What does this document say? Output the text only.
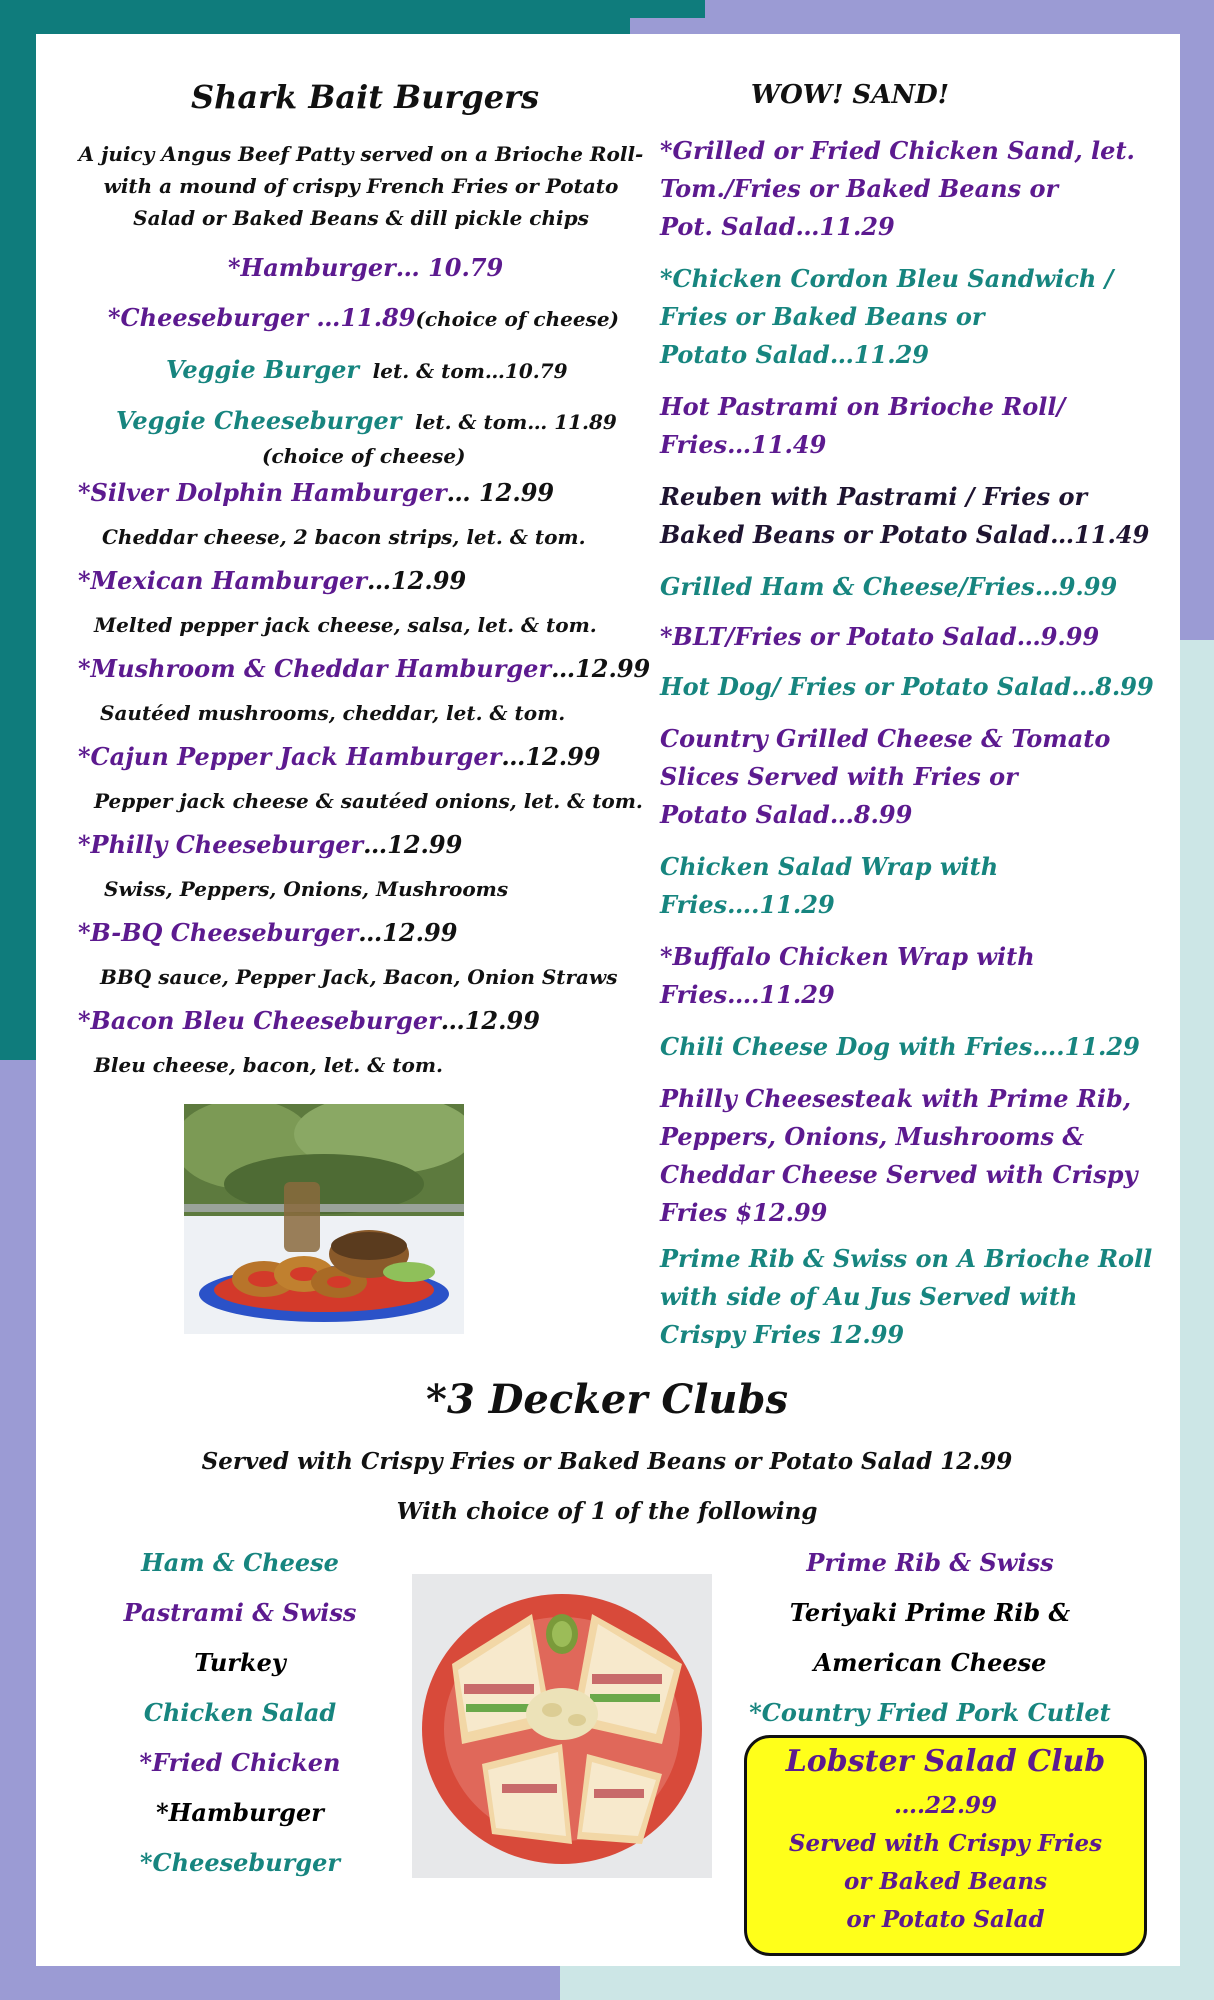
Shark Bait Burgers
A juicy Angus Beef Patty served on a Brioche Roll-
with a mound of crispy French Fries or Potato
Salad or Baked Beans & dill pickle chips
*Hamburger… 10.79
*Cheeseburger …11.89(choice of cheese)
Veggie Burger let. & tom…10.79
Veggie Cheeseburger let. & tom… 11.89
(choice of cheese)
*Silver Dolphin Hamburger… 12.99
Cheddar cheese, 2 bacon strips, let. & tom.
*Mexican Hamburger…12.99
Melted pepper jack cheese, salsa, let. & tom.
*Mushroom & Cheddar Hamburger…12.99
Sautéed mushrooms, cheddar, let. & tom.
*Cajun Pepper Jack Hamburger…12.99
Pepper jack cheese & sautéed onions, let. & tom.
*Philly Cheeseburger…12.99
Swiss, Peppers, Onions, Mushrooms
*B-BQ Cheeseburger…12.99
BBQ sauce, Pepper Jack, Bacon, Onion Straws
*Bacon Bleu Cheeseburger…12.99
Bleu cheese, bacon, let. & tom.
WOW! SAND!
*Grilled or Fried Chicken Sand, let.
Tom./Fries or Baked Beans or
Pot. Salad…11.29
*Chicken Cordon Bleu Sandwich /
Fries or Baked Beans or
Potato Salad…11.29
Hot Pastrami on Brioche Roll/
Fries…11.49
Reuben with Pastrami / Fries or
Baked Beans or Potato Salad…11.49
Grilled Ham & Cheese/Fries…9.99
*BLT/Fries or Potato Salad…9.99
Hot Dog/ Fries or Potato Salad…8.99
Country Grilled Cheese & Tomato
Slices Served with Fries or
Potato Salad…8.99
Chicken Salad Wrap with
Fries….11.29
*Buffalo Chicken Wrap with
Fries….11.29
Chili Cheese Dog with Fries….11.29
Philly Cheesesteak with Prime Rib,
Peppers, Onions, Mushrooms &
Cheddar Cheese Served with Crispy
Fries $12.99
Prime Rib & Swiss on A Brioche Roll
with side of Au Jus Served with
Crispy Fries 12.99
*3 Decker Clubs
Served with Crispy Fries or Baked Beans or Potato Salad 12.99
With choice of 1 of the following
Ham & Cheese
Pastrami & Swiss
Turkey
Chicken Salad
*Fried Chicken
*Hamburger
*Cheeseburger
Prime Rib & Swiss
Teriyaki Prime Rib &
American Cheese
*Country Fried Pork Cutlet
Lobster Salad Club
….22.99
Served with Crispy Fries
or Baked Beans
or Potato Salad
